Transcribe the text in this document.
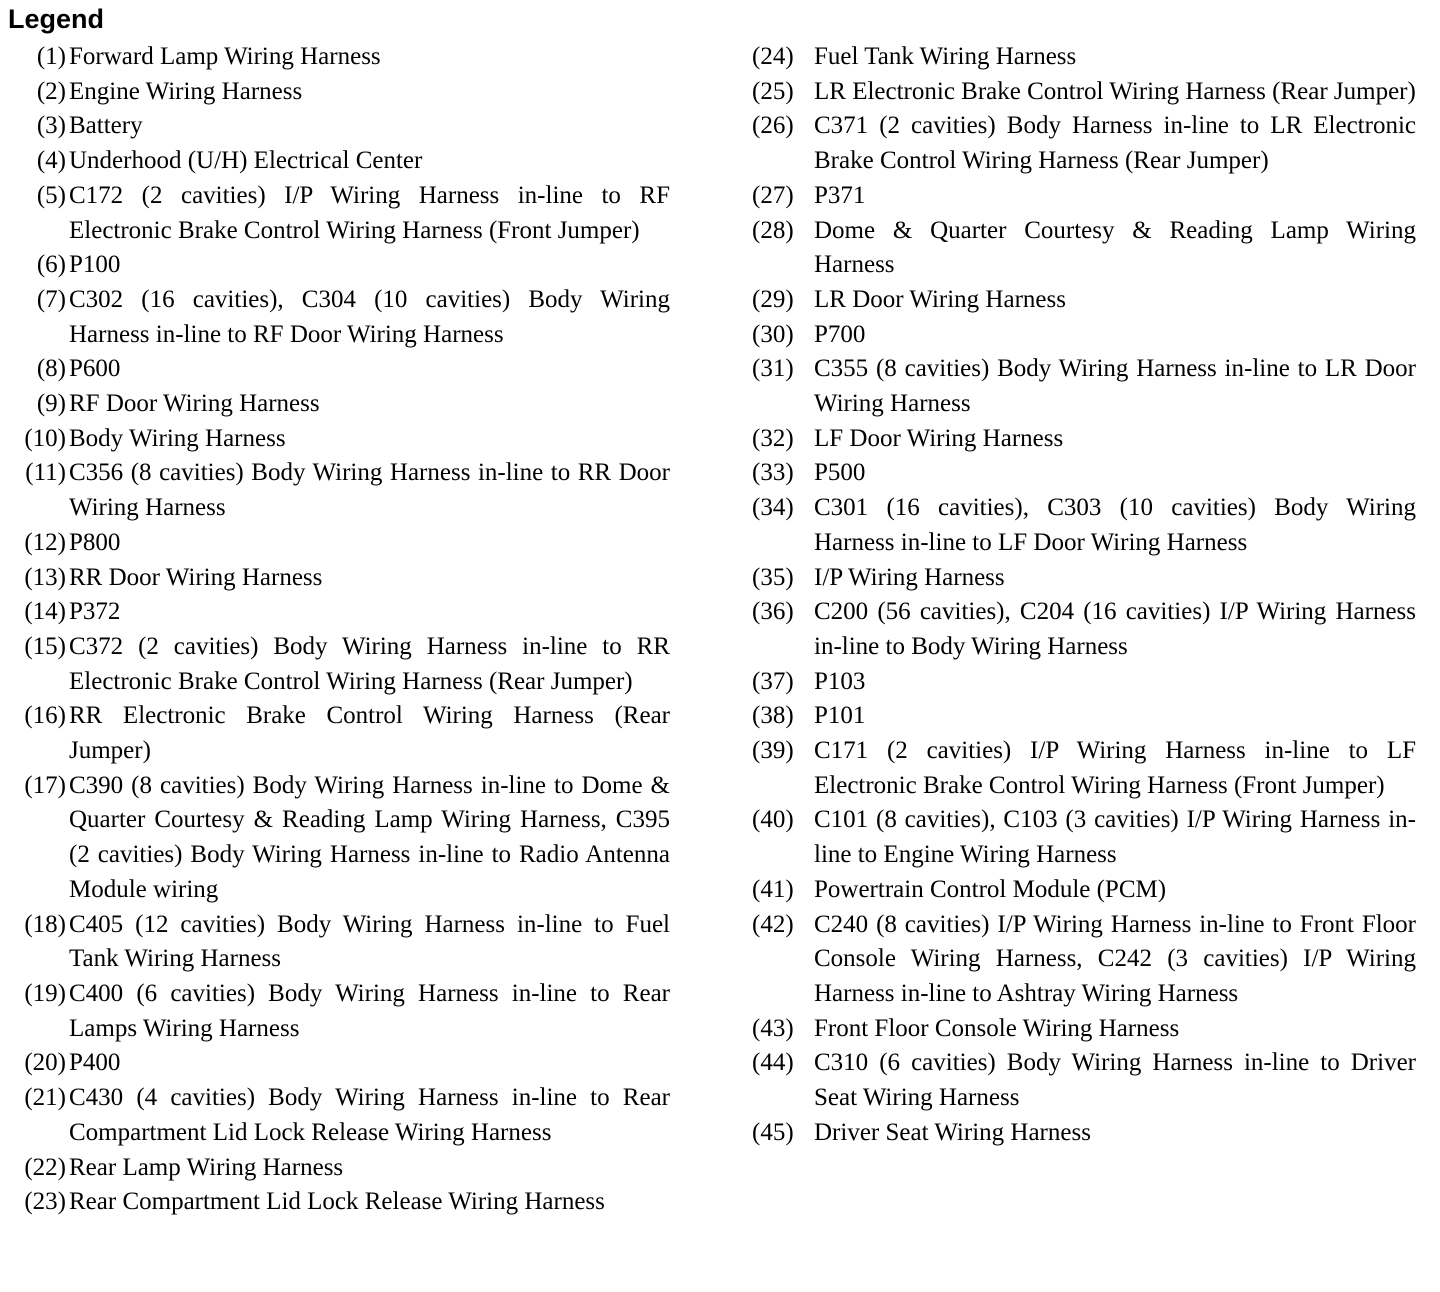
Legend
(1) Forward Lamp Wiring Harness
(2) Engine Wiring Harness
(3) Battery
(4) Underhood (U/H) Electrical Center
(5) C172 (2 cavities) I/P Wiring Harness in-line to RF Electronic Brake Control Wiring Harness (Front Jumper)
(6) P100
(7) C302 (16 cavities), C304 (10 cavities) Body Wiring Harness in-line to RF Door Wiring Harness
(8) P600
(9) RF Door Wiring Harness
(10) Body Wiring Harness
(11) C356 (8 cavities) Body Wiring Harness in-line to RR Door Wiring Harness
(12) P800
(13) RR Door Wiring Harness
(14) P372
(15) C372 (2 cavities) Body Wiring Harness in-line to RR Electronic Brake Control Wiring Harness (Rear Jumper)
(16) RR Electronic Brake Control Wiring Harness (Rear Jumper)
(17) C390 (8 cavities) Body Wiring Harness in-line to Dome & Quarter Courtesy & Reading Lamp Wiring Harness, C395 (2 cavities) Body Wiring Harness in-line to Radio Antenna Module wiring
(18) C405 (12 cavities) Body Wiring Harness in-line to Fuel Tank Wiring Harness
(19) C400 (6 cavities) Body Wiring Harness in-line to Rear Lamps Wiring Harness
(20) P400
(21) C430 (4 cavities) Body Wiring Harness in-line to Rear Compartment Lid Lock Release Wiring Harness
(22) Rear Lamp Wiring Harness
(23) Rear Compartment Lid Lock Release Wiring Harness
(24) Fuel Tank Wiring Harness
(25) LR Electronic Brake Control Wiring Harness (Rear Jumper)
(26) C371 (2 cavities) Body Harness in-line to LR Electronic Brake Control Wiring Harness (Rear Jumper)
(27) P371
(28) Dome & Quarter Courtesy & Reading Lamp Wiring Harness
(29) LR Door Wiring Harness
(30) P700
(31) C355 (8 cavities) Body Wiring Harness in-line to LR Door Wiring Harness
(32) LF Door Wiring Harness
(33) P500
(34) C301 (16 cavities), C303 (10 cavities) Body Wiring Harness in-line to LF Door Wiring Harness
(35) I/P Wiring Harness
(36) C200 (56 cavities), C204 (16 cavities) I/P Wiring Harness in-line to Body Wiring Harness
(37) P103
(38) P101
(39) C171 (2 cavities) I/P Wiring Harness in-line to LF Electronic Brake Control Wiring Harness (Front Jumper)
(40) C101 (8 cavities), C103 (3 cavities) I/P Wiring Harness in-line to Engine Wiring Harness
(41) Powertrain Control Module (PCM)
(42) C240 (8 cavities) I/P Wiring Harness in-line to Front Floor Console Wiring Harness, C242 (3 cavities) I/P Wiring Harness in-line to Ashtray Wiring Harness
(43) Front Floor Console Wiring Harness
(44) C310 (6 cavities) Body Wiring Harness in-line to Driver Seat Wiring Harness
(45) Driver Seat Wiring Harness
